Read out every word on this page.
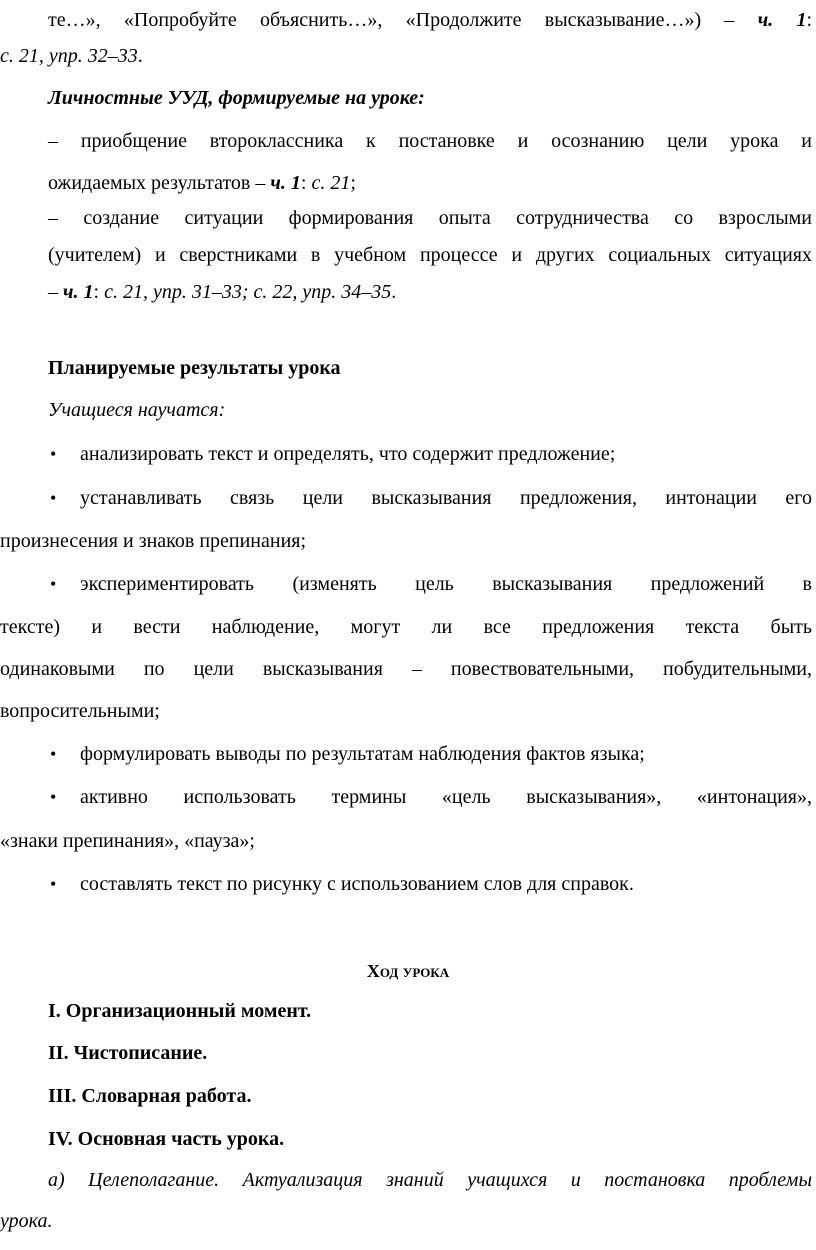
те…», «Попробуйте объяснить…», «Продолжите высказывание…») – ч. 1:
с. 21, упр. 32–33.
Личностные УУД, формируемые на уроке:
– приобщение второклассника к постановке и осознанию цели урока и
ожидаемых результатов – ч. 1: с. 21;
– создание ситуации формирования опыта сотрудничества со взрослыми
(учителем) и сверстниками в учебном процессе и других социальных ситуациях
– ч. 1: с. 21, упр. 31–33; с. 22, упр. 34–35.
Планируемые результаты урока
Учащиеся научатся:
• анализировать текст и определять, что содержит предложение;
• устанавливать связь цели высказывания предложения, интонации его
произнесения и знаков препинания;
• экспериментировать (изменять цель высказывания предложений в
тексте) и вести наблюдение, могут ли все предложения текста быть
одинаковыми по цели высказывания – повествовательными, побудительными,
вопросительными;
• формулировать выводы по результатам наблюдения фактов языка;
• активно использовать термины «цель высказывания», «интонация»,
«знаки препинания», «пауза»;
• составлять текст по рисунку с использованием слов для справок.
Ход урока
I. Организационный момент.
II. Чистописание.
III. Словарная работа.
IV. Основная часть урока.
а) Целеполагание. Актуализация знаний учащихся и постановка проблемы
урока.
